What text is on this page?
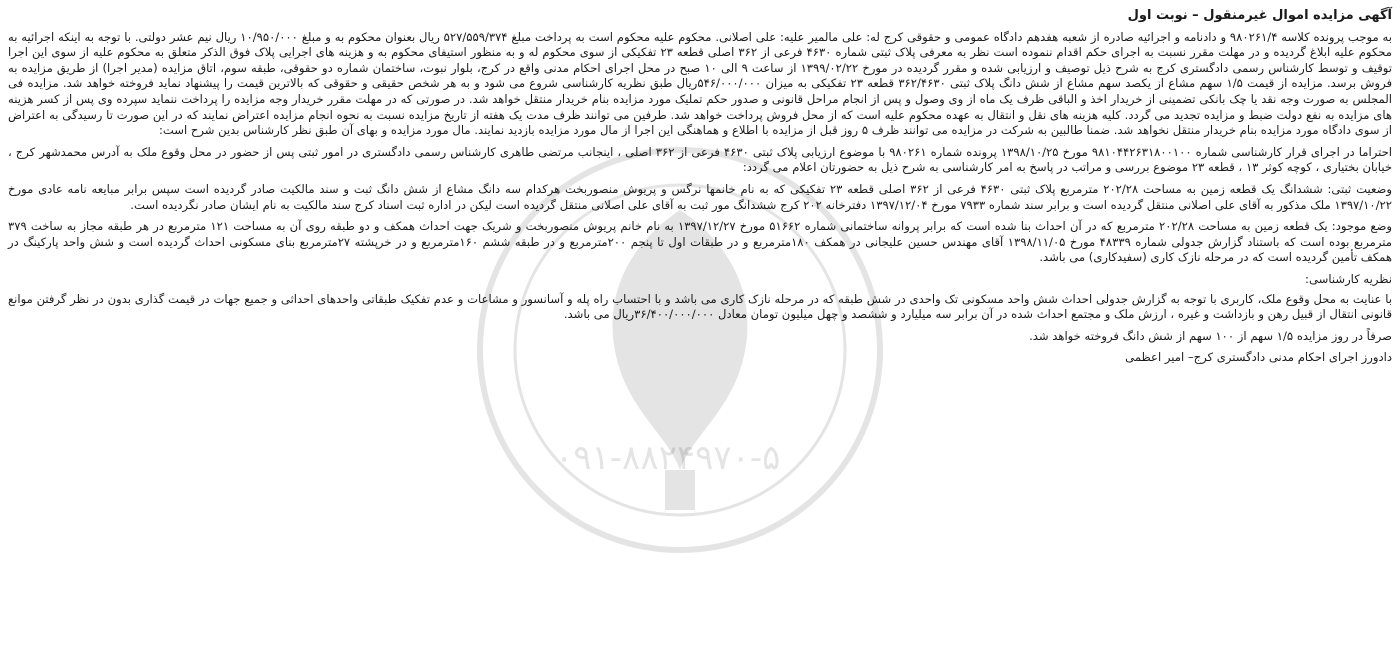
۰۹۱-۸۸۲۴۹۷۰-۵
آگهی مزایده اموال غیرمنقول – نوبت اول

به موجب پرونده کلاسه ۹۸۰۲۶۱/۴ و دادنامه و اجرائیه صادره از شعبه هفدهم دادگاه عمومی و حقوقی کرج له: علی مالمیر علیه: علی اصلانی. محکوم علیه محکوم است به پرداخت مبلغ ۵۲۷/۵۵۹/۳۷۴ ریال بعنوان محکوم به و مبلغ ۱۰/۹۵۰/۰۰۰ ریال نیم عشر دولتی. با توجه به اینکه اجرائیه به محکوم علیه ابلاغ گردیده و در مهلت مقرر نسبت به اجرای حکم اقدام ننموده است نظر به معرفی پلاک ثبتی شماره ۴۶۳۰ فرعی از ۳۶۲ اصلی قطعه ۲۳ تفکیکی از سوی محکوم له و به منظور استیفای محکوم به و هزینه های اجرایی پلاک فوق الذکر متعلق به محکوم علیه از سوی این اجرا توقیف و توسط کارشناس رسمی دادگستری کرج به شرح ذیل توصیف و ارزیابی شده و مقرر گردیده در مورخ ۱۳۹۹/۰۲/۲۲ از ساعت ۹ الی ۱۰ صبح در محل اجرای احکام مدنی واقع در کرج، بلوار نبوت، ساختمان شماره دو حقوقی، طبقه سوم، اتاق مزایده (مدیر اجرا) از طریق مزایده به فروش برسد. مزایده از قیمت ۱/۵ سهم مشاع از یکصد سهم مشاع از شش دانگ پلاک ثبتی ۳۶۲/۴۶۳۰ قطعه ۲۳ تفکیکی به میزان ۵۴۶/۰۰۰/۰۰۰ریال طبق نظریه کارشناسی شروع می شود و به هر شخص حقیقی و حقوقی که بالاترین قیمت را پیشنهاد نماید فروخته خواهد شد. مزایده فی المجلس به صورت وجه نقد یا چک بانکی تضمینی از خریدار اخذ و الباقی ظرف یک ماه از وی وصول و پس از انجام مراحل قانونی و صدور حکم تملیک مورد مزایده بنام خریدار منتقل خواهد شد. در صورتی که در مهلت مقرر خریدار وجه مزایده را پرداخت ننماید سپرده وی پس از کسر هزینه های مزایده به نفع دولت ضبط و مزایده تجدید می گردد. کلیه هزینه های نقل و انتقال به عهده محکوم علیه است که از محل فروش پرداخت خواهد شد. طرفین می توانند ظرف مدت یک هفته از تاریخ مزایده نسبت به نحوه انجام مزایده اعتراض نمایند که در این صورت تا رسیدگی به اعتراض از سوی دادگاه مورد مزایده بنام خریدار منتقل نخواهد شد. ضمنا طالبین به شرکت در مزایده می توانند ظرف ۵ روز قبل از مزایده با اطلاع و هماهنگی این اجرا از مال مورد مزایده بازدید نمایند. مال مورد مزایده و بهای آن طبق نظر کارشناس بدین شرح است:

احتراما در اجرای قرار کارشناسی شماره ۹۸۱۰۴۴۲۶۳۱۸۰۰۱۰۰ مورخ ۱۳۹۸/۱۰/۲۵ پرونده شماره ۹۸۰۲۶۱ با موضوع ارزیابی پلاک ثبتی ۴۶۳۰ فرعی از ۳۶۲ اصلی ، اینجانب مرتضی طاهری کارشناس رسمی دادگستری در امور ثبتی پس از حضور در محل وقوع ملک به آدرس محمدشهر کرج ، خیابان بختیاری ، کوچه کوثر ۱۳ ، قطعه ۲۳ موضوع بررسی و مراتب در پاسخ به امر کارشناسی به شرح ذیل به حضورتان اعلام می گردد:

وضعیت ثبتی: ششدانگ یک قطعه زمین به مساحت ۲۰۲/۲۸ مترمربع پلاک ثبتی ۴۶۳۰ فرعی از ۳۶۲ اصلی قطعه ۲۳ تفکیکی که به نام خانمها نرگس و پریوش منصوربخت هرکدام سه دانگ مشاع از شش دانگ ثبت و سند مالکیت صادر گردیده است سپس برابر مبایعه نامه عادی مورخ ۱۳۹۷/۱۰/۲۲ ملک مذکور به آقای علی اصلانی منتقل گردیده است و برابر سند شماره ۷۹۳۳ مورخ ۱۳۹۷/۱۲/۰۴ دفترخانه ۲۰۲ کرج ششدانگ مور ثبت به آقای علی اصلانی منتقل گردیده است لیکن در اداره ثبت اسناد کرج سند مالکیت به نام ایشان صادر نگردیده است.

وضع موجود: یک قطعه زمین به مساحت ۲۰۲/۲۸ مترمربع که در آن احداث بنا شده است که برابر پروانه ساختمانی شماره ۵۱۶۶۲ مورخ ۱۳۹۷/۱۲/۲۷ به نام خانم پریوش منصوربخت و شریک جهت احداث همکف و دو طبقه روی آن به مساحت ۱۲۱ مترمربع در هر طبقه مجاز به ساخت ۳۷۹ مترمربع بوده است که باستناد گزارش جدولی شماره ۴۸۳۳۹ مورخ ۱۳۹۸/۱۱/۰۵ آقای مهندس حسین علیجانی در همکف ۱۸۰مترمربع و در طبقات اول تا پنجم ۲۰۰مترمربع و در طبقه ششم ۱۶۰مترمربع و در خرپشته ۲۷مترمربع بنای مسکونی احداث گردیده است و شش واحد پارکینگ در همکف تأمین گردیده است که در مرحله نازک کاری (سفیدکاری) می باشد.

نظریه کارشناسی:

با عنایت به محل وقوع ملک، کاربری با توجه به گزارش جدولی احداث شش واحد مسکونی تک واحدی در شش طبقه که در مرحله نازک کاری می باشد و با احتساب راه پله و آسانسور و مشاعات و عدم تفکیک طبقاتی واحدهای احداثی و جمیع جهات در قیمت گذاری بدون در نظر گرفتن موانع قانونی انتقال از قبیل رهن و بازداشت و غیره ، ارزش ملک و مجتمع احداث شده در آن برابر سه میلیارد و ششصد و چهل میلیون تومان معادل ۳۶/۴۰۰/۰۰۰/۰۰۰ریال می باشد.

صرفاً در روز مزایده ۱/۵ سهم از ۱۰۰ سهم از شش دانگ فروخته خواهد شد.

دادورز اجرای احکام مدنی دادگستری کرج– امیر اعظمی
